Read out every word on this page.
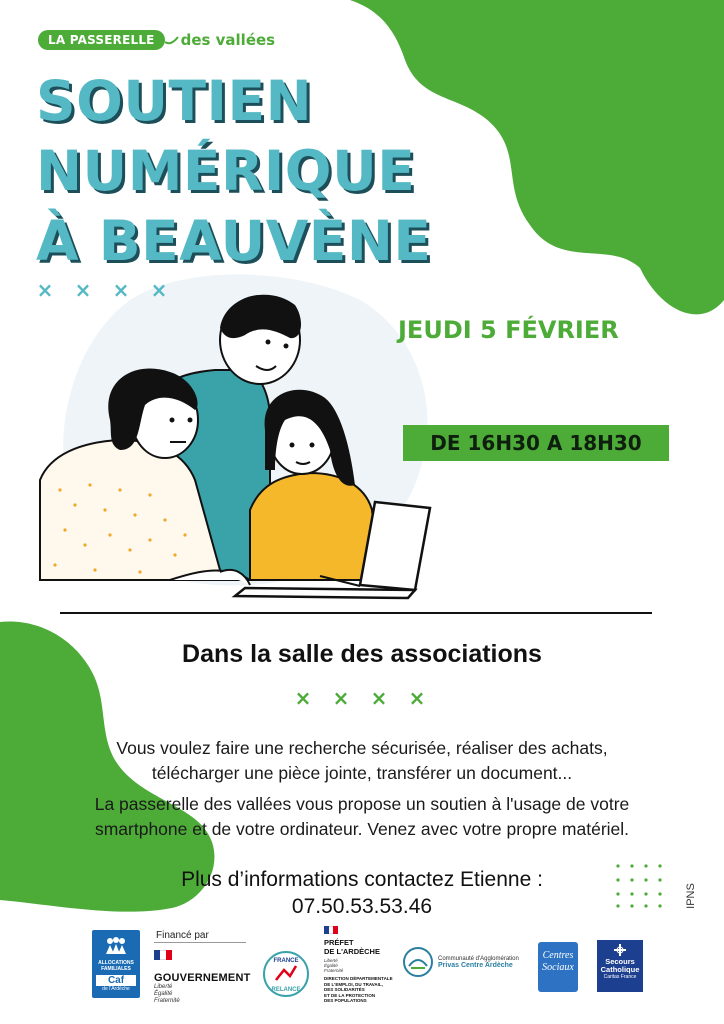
LA PASSERELLE	des vallées
SOUTIEN
NUMÉRIQUE
À BEAUVÈNE
× × × ×
JEUDI 5 FÉVRIER
DE 16H30 A 18H30
Dans la salle des associations
× × × ×
Vous voulez faire une recherche sécurisée, réaliser des achats,
télécharger une pièce jointe, transférer un document...
La passerelle des vallées vous propose un soutien à l'usage de votre
smartphone et de votre ordinateur. Venez avec votre propre matériel.
Plus d’informations contactez Etienne :
07.50.53.53.46	IPNS
ALLOCATIONS
FAMILIALES
Caf
de l'Ardèche
Financé par
GOUVERNEMENT
Liberté
Égalité
Fraternité
FRANCE
RELANCE
PRÉFET
DE L'ARDÈCHE
Liberté
Égalité
Fraternité
DIRECTION DÉPARTEMENTALE
DE L'EMPLOI, DU TRAVAIL,
DES SOLIDARITÉS
ET DE LA PROTECTION
DES POPULATIONS
Communauté d'Agglomération
Privas Centre Ardèche
Centres
Sociaux
Secours
Catholique
Caritas France
